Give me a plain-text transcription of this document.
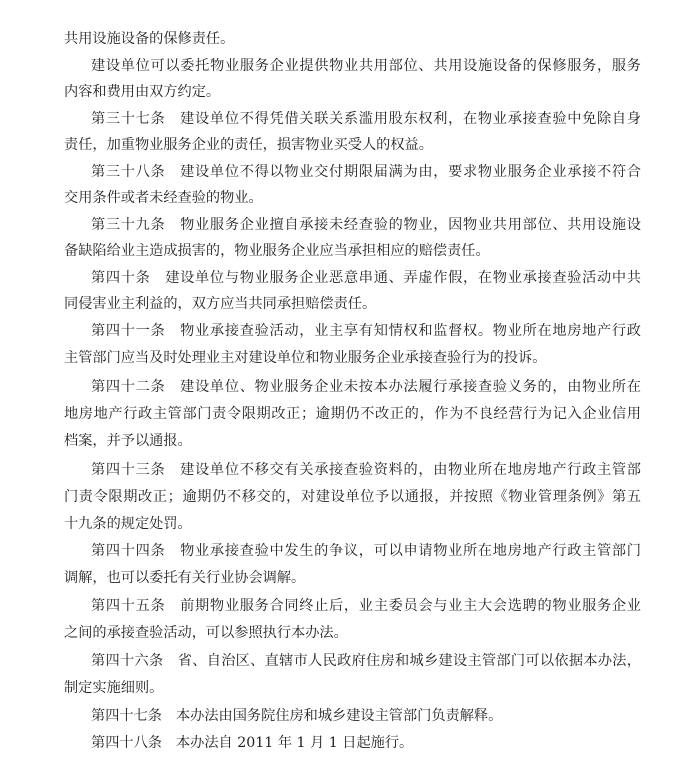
共用设施设备的保修责任。
建设单位可以委托物业服务企业提供物业共用部位、共用设施设备的保修服务，服务
内容和费用由双方约定。
第三十七条 建设单位不得凭借关联关系滥用股东权利，在物业承接查验中免除自身
责任，加重物业服务企业的责任，损害物业买受人的权益。
第三十八条 建设单位不得以物业交付期限届满为由，要求物业服务企业承接不符合
交用条件或者未经查验的物业。
第三十九条 物业服务企业擅自承接未经查验的物业，因物业共用部位、共用设施设
备缺陷给业主造成损害的，物业服务企业应当承担相应的赔偿责任。
第四十条 建设单位与物业服务企业恶意串通、弄虚作假，在物业承接查验活动中共
同侵害业主利益的，双方应当共同承担赔偿责任。
第四十一条 物业承接查验活动，业主享有知情权和监督权。物业所在地房地产行政
主管部门应当及时处理业主对建设单位和物业服务企业承接查验行为的投诉。
第四十二条 建设单位、物业服务企业未按本办法履行承接查验义务的，由物业所在
地房地产行政主管部门责令限期改正；逾期仍不改正的，作为不良经营行为记入企业信用
档案，并予以通报。
第四十三条 建设单位不移交有关承接查验资料的，由物业所在地房地产行政主管部
门责令限期改正；逾期仍不移交的，对建设单位予以通报，并按照《物业管理条例》第五
十九条的规定处罚。
第四十四条 物业承接查验中发生的争议，可以申请物业所在地房地产行政主管部门
调解，也可以委托有关行业协会调解。
第四十五条 前期物业服务合同终止后，业主委员会与业主大会选聘的物业服务企业
之间的承接查验活动，可以参照执行本办法。
第四十六条 省、自治区、直辖市人民政府住房和城乡建设主管部门可以依据本办法，
制定实施细则。
第四十七条 本办法由国务院住房和城乡建设主管部门负责解释。
第四十八条 本办法自 2011 年 1 月 1 日起施行。
